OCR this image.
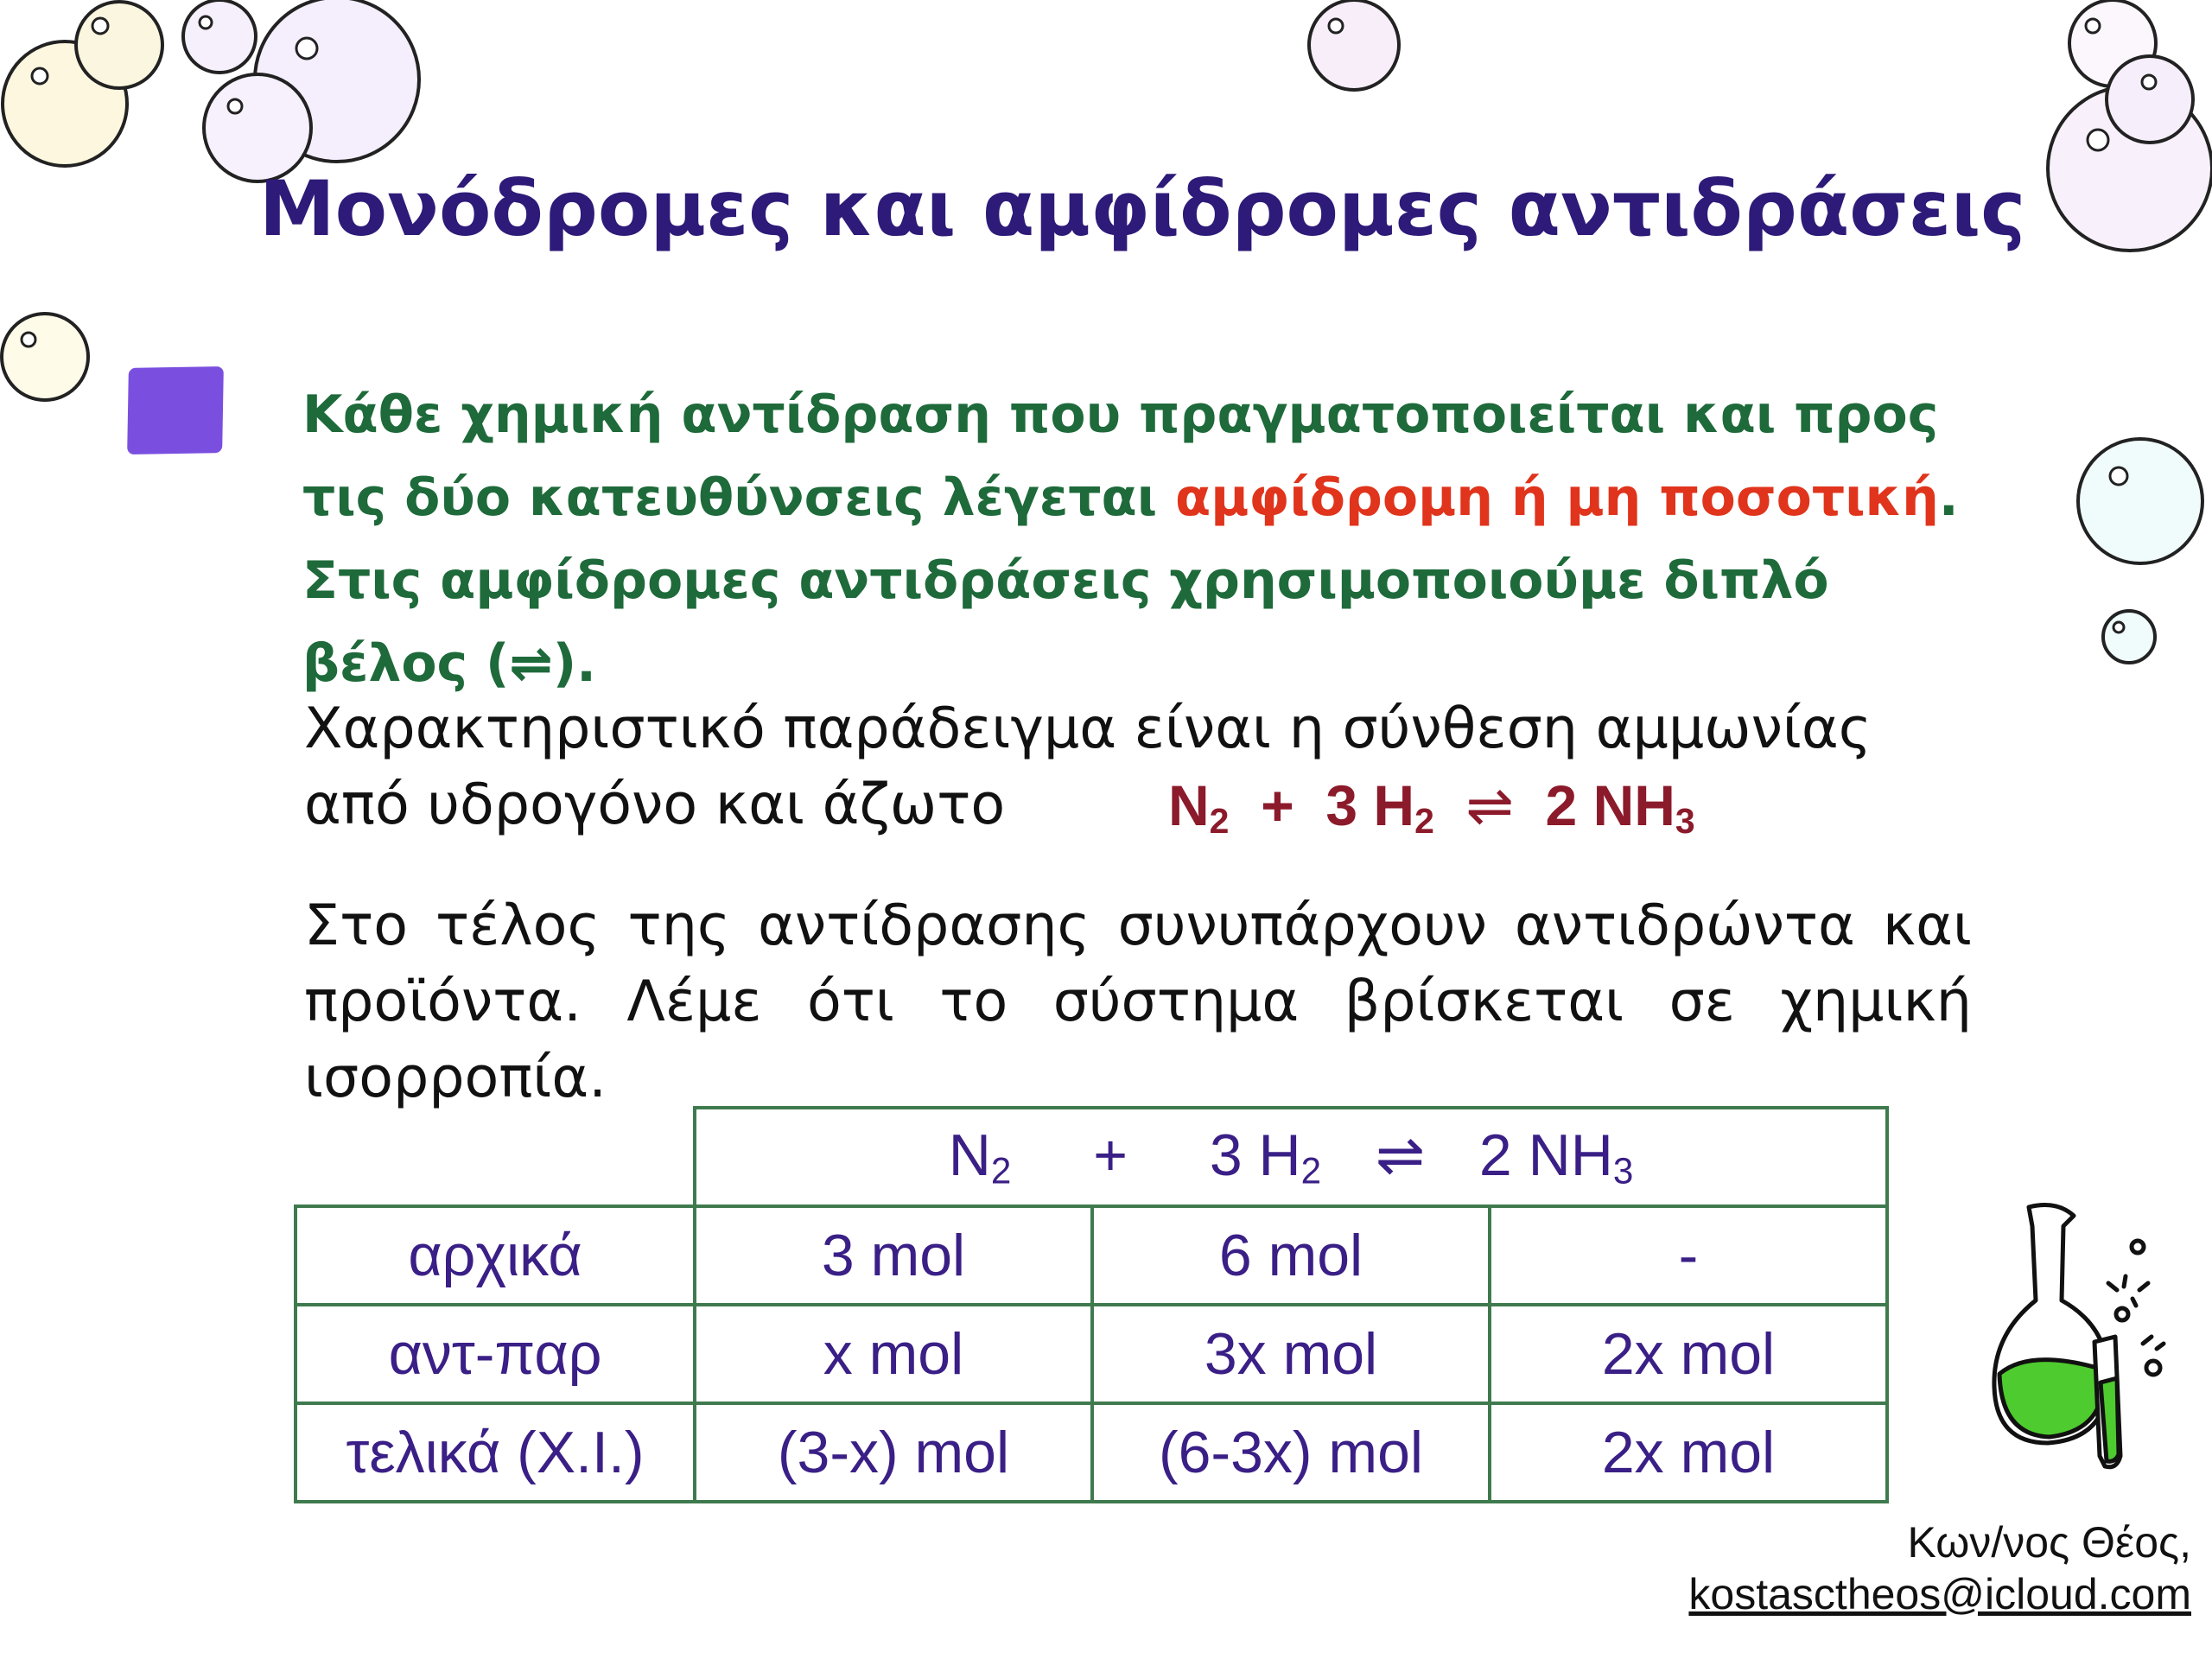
Μονόδρομες και αμφίδρομες αντιδράσεις
Κάθε χημική αντίδραση που πραγματοποιείται και προς τις δύο κατευθύνσεις λέγεται αμφίδρομη ή μη ποσοτική. Στις αμφίδρομες αντιδράσεις χρησιμοποιούμε διπλό βέλος (⇌).
Χαρακτηριστικό παράδειγμα είναι η σύνθεση αμμωνίας από υδρογόνο και άζωτο	$N_2 + 3$ $H_2$ ⇌ 2 $NH_3$
Στο τέλος της αντίδρασης συνυπάρχουν αντιδρώντα και προϊόντα. Λέμε ότι το σύστημα βρίσκεται σε χημική ισορροπία.
	$N_2 + 3$ $H_2$ ⇌ 2 $NH_3$
αρχικά	3 mol	6 mol	-
αντ-παρ	x mol	3x mol	2x mol
τελικά (Χ.Ι.)	(3-x) mol	(6-3x) mol	2x mol
Κων/νος Θέος,
kostasctheos@icloud.com
